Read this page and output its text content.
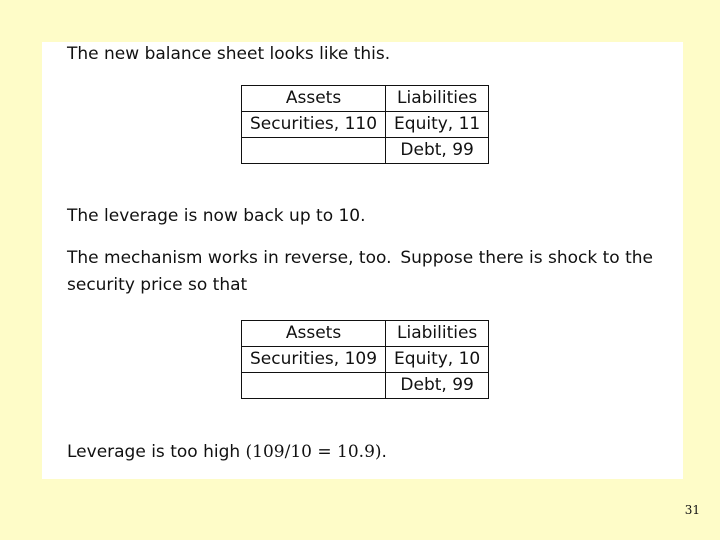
The new balance sheet looks like this.
Assets	Liabilities
Securities, 110	Equity, 11
	Debt, 99
The leverage is now back up to 10.
The mechanism works in reverse, too. Suppose there is shock to the
security price so that
Assets	Liabilities
Securities, 109	Equity, 10
	Debt, 99
Leverage is too high (109/10 = 10.9).
31
